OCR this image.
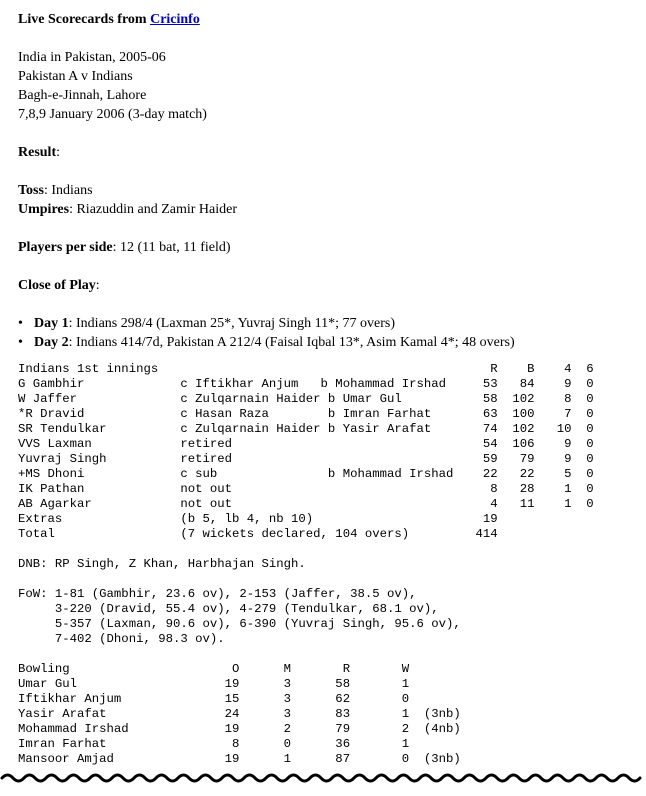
Live Scorecards from Cricinfo
India in Pakistan, 2005-06
Pakistan A v Indians
Bagh-e-Jinnah, Lahore
7,8,9 January 2006 (3-day match)
Result:
Toss: Indians
Umpires: Riazuddin and Zamir Haider
Players per side: 12 (11 bat, 11 field)
Close of Play:
• Day 1: Indians 298/4 (Laxman 25*, Yuvraj Singh 11*; 77 overs)
• Day 2: Indians 414/7d, Pakistan A 212/4 (Faisal Iqbal 13*, Asim Kamal 4*; 48 overs)
Indians 1st innings                                             R    B    4  6
G Gambhir             c Iftikhar Anjum   b Mohammad Irshad     53   84    9  0
W Jaffer              c Zulqarnain Haider b Umar Gul           58  102    8  0
*R Dravid             c Hasan Raza        b Imran Farhat       63  100    7  0
SR Tendulkar          c Zulqarnain Haider b Yasir Arafat       74  102   10  0
VVS Laxman            retired                                  54  106    9  0
Yuvraj Singh          retired                                  59   79    9  0
+MS Dhoni             c sub               b Mohammad Irshad    22   22    5  0
IK Pathan             not out                                   8   28    1  0
AB Agarkar            not out                                   4   11    1  0
Extras                (b 5, lb 4, nb 10)                       19
Total                 (7 wickets declared, 104 overs)         414

DNB: RP Singh, Z Khan, Harbhajan Singh.

FoW: 1-81 (Gambhir, 23.6 ov), 2-153 (Jaffer, 38.5 ov),
3-220 (Dravid, 55.4 ov), 4-279 (Tendulkar, 68.1 ov),
5-357 (Laxman, 90.6 ov), 6-390 (Yuvraj Singh, 95.6 ov),
7-402 (Dhoni, 98.3 ov).

Bowling                      O      M       R       W
Umar Gul                    19      3      58       1
Iftikhar Anjum              15      3      62       0
Yasir Arafat                24      3      83       1  (3nb)
Mohammad Irshad             19      2      79       2  (4nb)
Imran Farhat                 8      0      36       1
Mansoor Amjad               19      1      87       0  (3nb)
